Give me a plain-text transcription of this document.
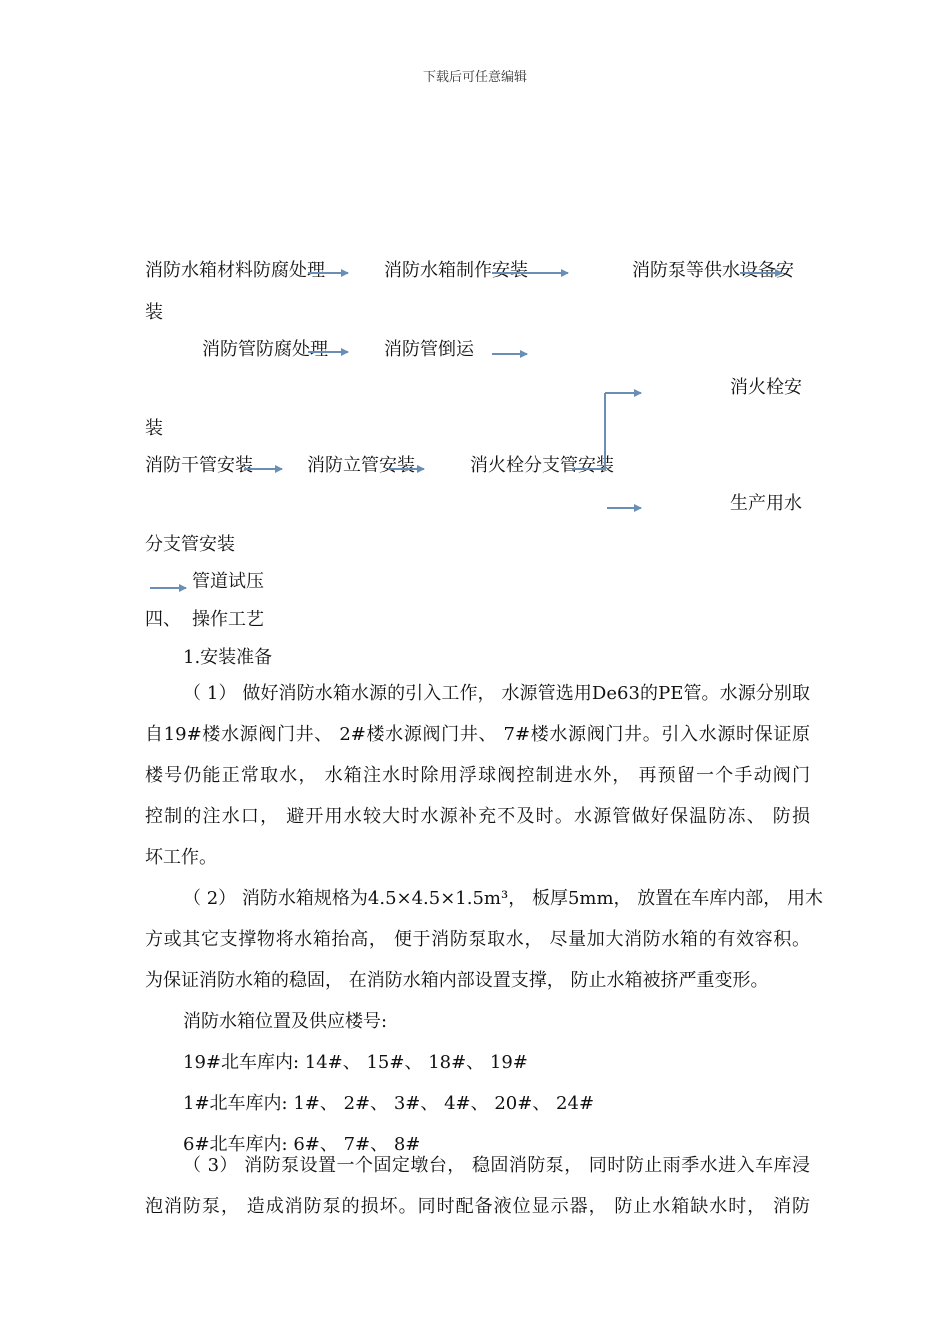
下载后可任意编辑
消防水箱材料防腐处理	消防水箱制作安装	消防泵等供水设备安
装
消防管防腐处理	消防管倒运
消火栓安
装
消防干管安装	消防立管安装	消火栓分支管安装
生产用水
分支管安装
管道试压
四、 操作工艺
1.安装准备
（ 1） 做好消防水箱水源的引入工作， 水源管选用De63的PE管。水源分别取
自19#楼水源阀门井、 2#楼水源阀门井、 7#楼水源阀门井。引入水源时保证原
楼号仍能正常取水， 水箱注水时除用浮球阀控制进水外， 再预留一个手动阀门
控制的注水口， 避开用水较大时水源补充不及时。水源管做好保温防冻、 防损
坏工作。
（ 2） 消防水箱规格为4.5×4.5×1.5m³， 板厚5mm， 放置在车库内部， 用木
方或其它支撑物将水箱抬高， 便于消防泵取水， 尽量加大消防水箱的有效容积。
为保证消防水箱的稳固， 在消防水箱内部设置支撑， 防止水箱被挤严重变形。
消防水箱位置及供应楼号:
19#北车库内: 14#、 15#、 18#、 19#
1#北车库内: 1#、 2#、 3#、 4#、 20#、 24#
6#北车库内: 6#、 7#、 8#
（ 3） 消防泵设置一个固定墩台， 稳固消防泵， 同时防止雨季水进入车库浸
泡消防泵， 造成消防泵的损坏。同时配备液位显示器， 防止水箱缺水时， 消防
